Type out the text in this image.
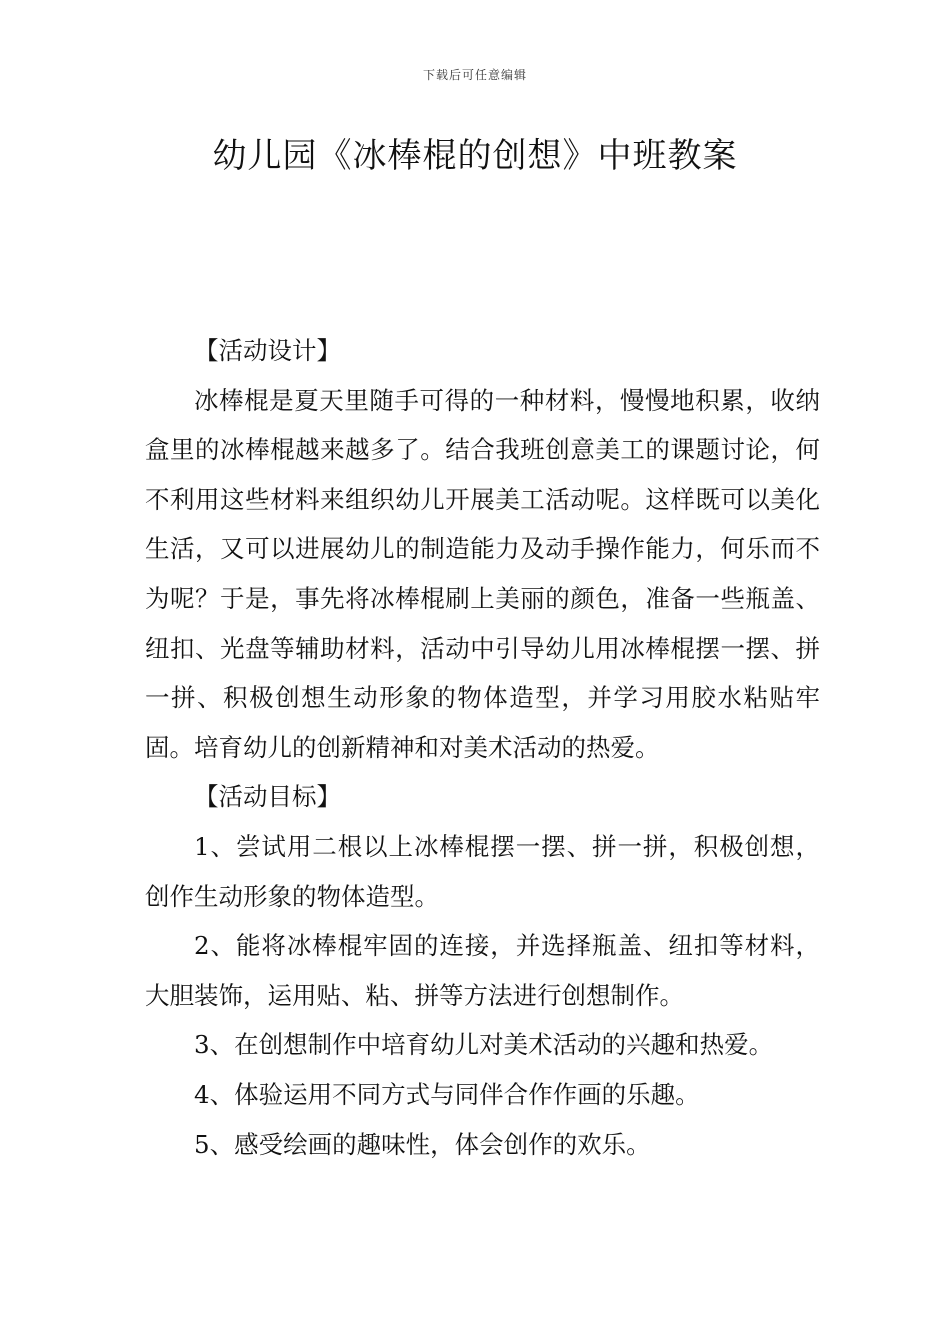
下载后可任意编辑
幼儿园《冰棒棍的创想》中班教案

【活动设计】

冰棒棍是夏天里随手可得的一种材料，慢慢地积累，收纳盒里的冰棒棍越来越多了。结合我班创意美工的课题讨论，何不利用这些材料来组织幼儿开展美工活动呢。这样既可以美化生活，又可以进展幼儿的制造能力及动手操作能力，何乐而不为呢？于是，事先将冰棒棍刷上美丽的颜色，准备一些瓶盖、纽扣、光盘等辅助材料，活动中引导幼儿用冰棒棍摆一摆、拼一拼、积极创想生动形象的物体造型，并学习用胶水粘贴牢固。培育幼儿的创新精神和对美术活动的热爱。

【活动目标】

1、尝试用二根以上冰棒棍摆一摆、拼一拼，积极创想，创作生动形象的物体造型。

2、能将冰棒棍牢固的连接，并选择瓶盖、纽扣等材料，大胆装饰，运用贴、粘、拼等方法进行创想制作。

3、在创想制作中培育幼儿对美术活动的兴趣和热爱。

4、体验运用不同方式与同伴合作作画的乐趣。

5、感受绘画的趣味性，体会创作的欢乐。
